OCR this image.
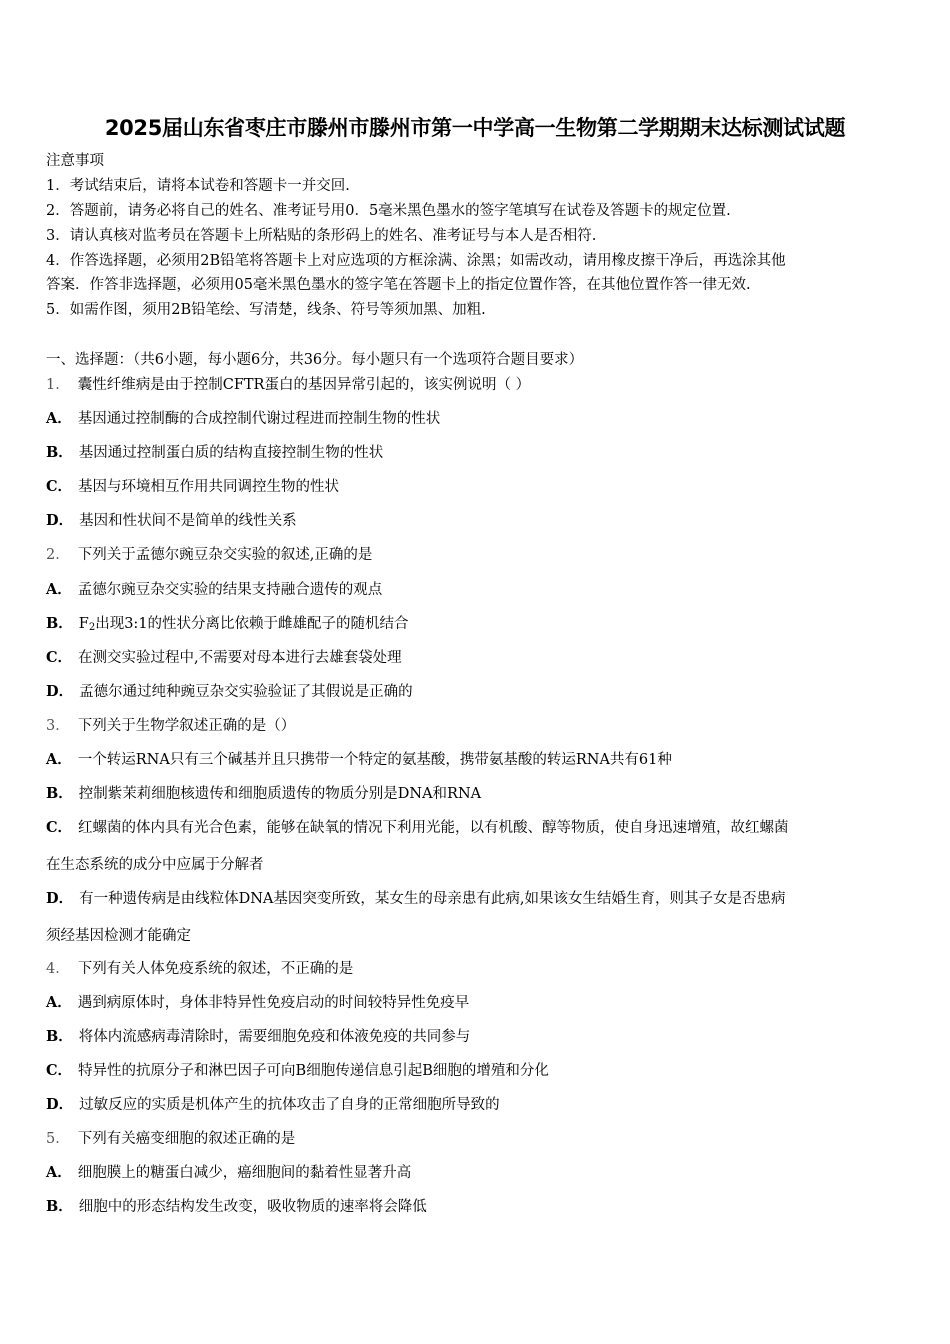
2025届山东省枣庄市滕州市滕州市第一中学高一生物第二学期期末达标测试试题
注意事项
1．考试结束后，请将本试卷和答题卡一并交回.
2．答题前，请务必将自己的姓名、准考证号用0．5毫米黑色墨水的签字笔填写在试卷及答题卡的规定位置.
3．请认真核对监考员在答题卡上所粘贴的条形码上的姓名、准考证号与本人是否相符.
4．作答选择题，必须用2B铅笔将答题卡上对应选项的方框涂满、涂黑；如需改动，请用橡皮擦干净后，再选涂其他
答案．作答非选择题，必须用05毫米黑色墨水的签字笔在答题卡上的指定位置作答，在其他位置作答一律无效.
5．如需作图，须用2B铅笔绘、写清楚，线条、符号等须加黑、加粗.
一、选择题：（共6小题，每小题6分，共36分。每小题只有一个选项符合题目要求）
1． 囊性纤维病是由于控制CFTR蛋白的基因异常引起的，该实例说明（ ）
A． 基因通过控制酶的合成控制代谢过程进而控制生物的性状
B． 基因通过控制蛋白质的结构直接控制生物的性状
C． 基因与环境相互作用共同调控生物的性状
D． 基因和性状间不是简单的线性关系
2． 下列关于孟德尔豌豆杂交实验的叙述,正确的是
A． 孟德尔豌豆杂交实验的结果支持融合遗传的观点
B． $F_2$出现3:1的性状分离比依赖于雌雄配子的随机结合
C． 在测交实验过程中,不需要对母本进行去雄套袋处理
D． 孟德尔通过纯种豌豆杂交实验验证了其假说是正确的
3． 下列关于生物学叙述正确的是（）
A． 一个转运RNA只有三个碱基并且只携带一个特定的氨基酸，携带氨基酸的转运RNA共有61种
B． 控制紫茉莉细胞核遗传和细胞质遗传的物质分别是DNA和RNA
C． 红螺菌的体内具有光合色素，能够在缺氧的情况下利用光能，以有机酸、醇等物质，使自身迅速增殖，故红螺菌
在生态系统的成分中应属于分解者
D． 有一种遗传病是由线粒体DNA基因突变所致，某女生的母亲患有此病,如果该女生结婚生育，则其子女是否患病
须经基因检测才能确定
4． 下列有关人体免疫系统的叙述，不正确的是
A． 遇到病原体时，身体非特异性免疫启动的时间较特异性免疫早
B． 将体内流感病毒清除时，需要细胞免疫和体液免疫的共同参与
C． 特异性的抗原分子和淋巴因子可向B细胞传递信息引起B细胞的增殖和分化
D． 过敏反应的实质是机体产生的抗体攻击了自身的正常细胞所导致的
5． 下列有关癌变细胞的叙述正确的是
A． 细胞膜上的糖蛋白减少，癌细胞间的黏着性显著升高
B． 细胞中的形态结构发生改变，吸收物质的速率将会降低
